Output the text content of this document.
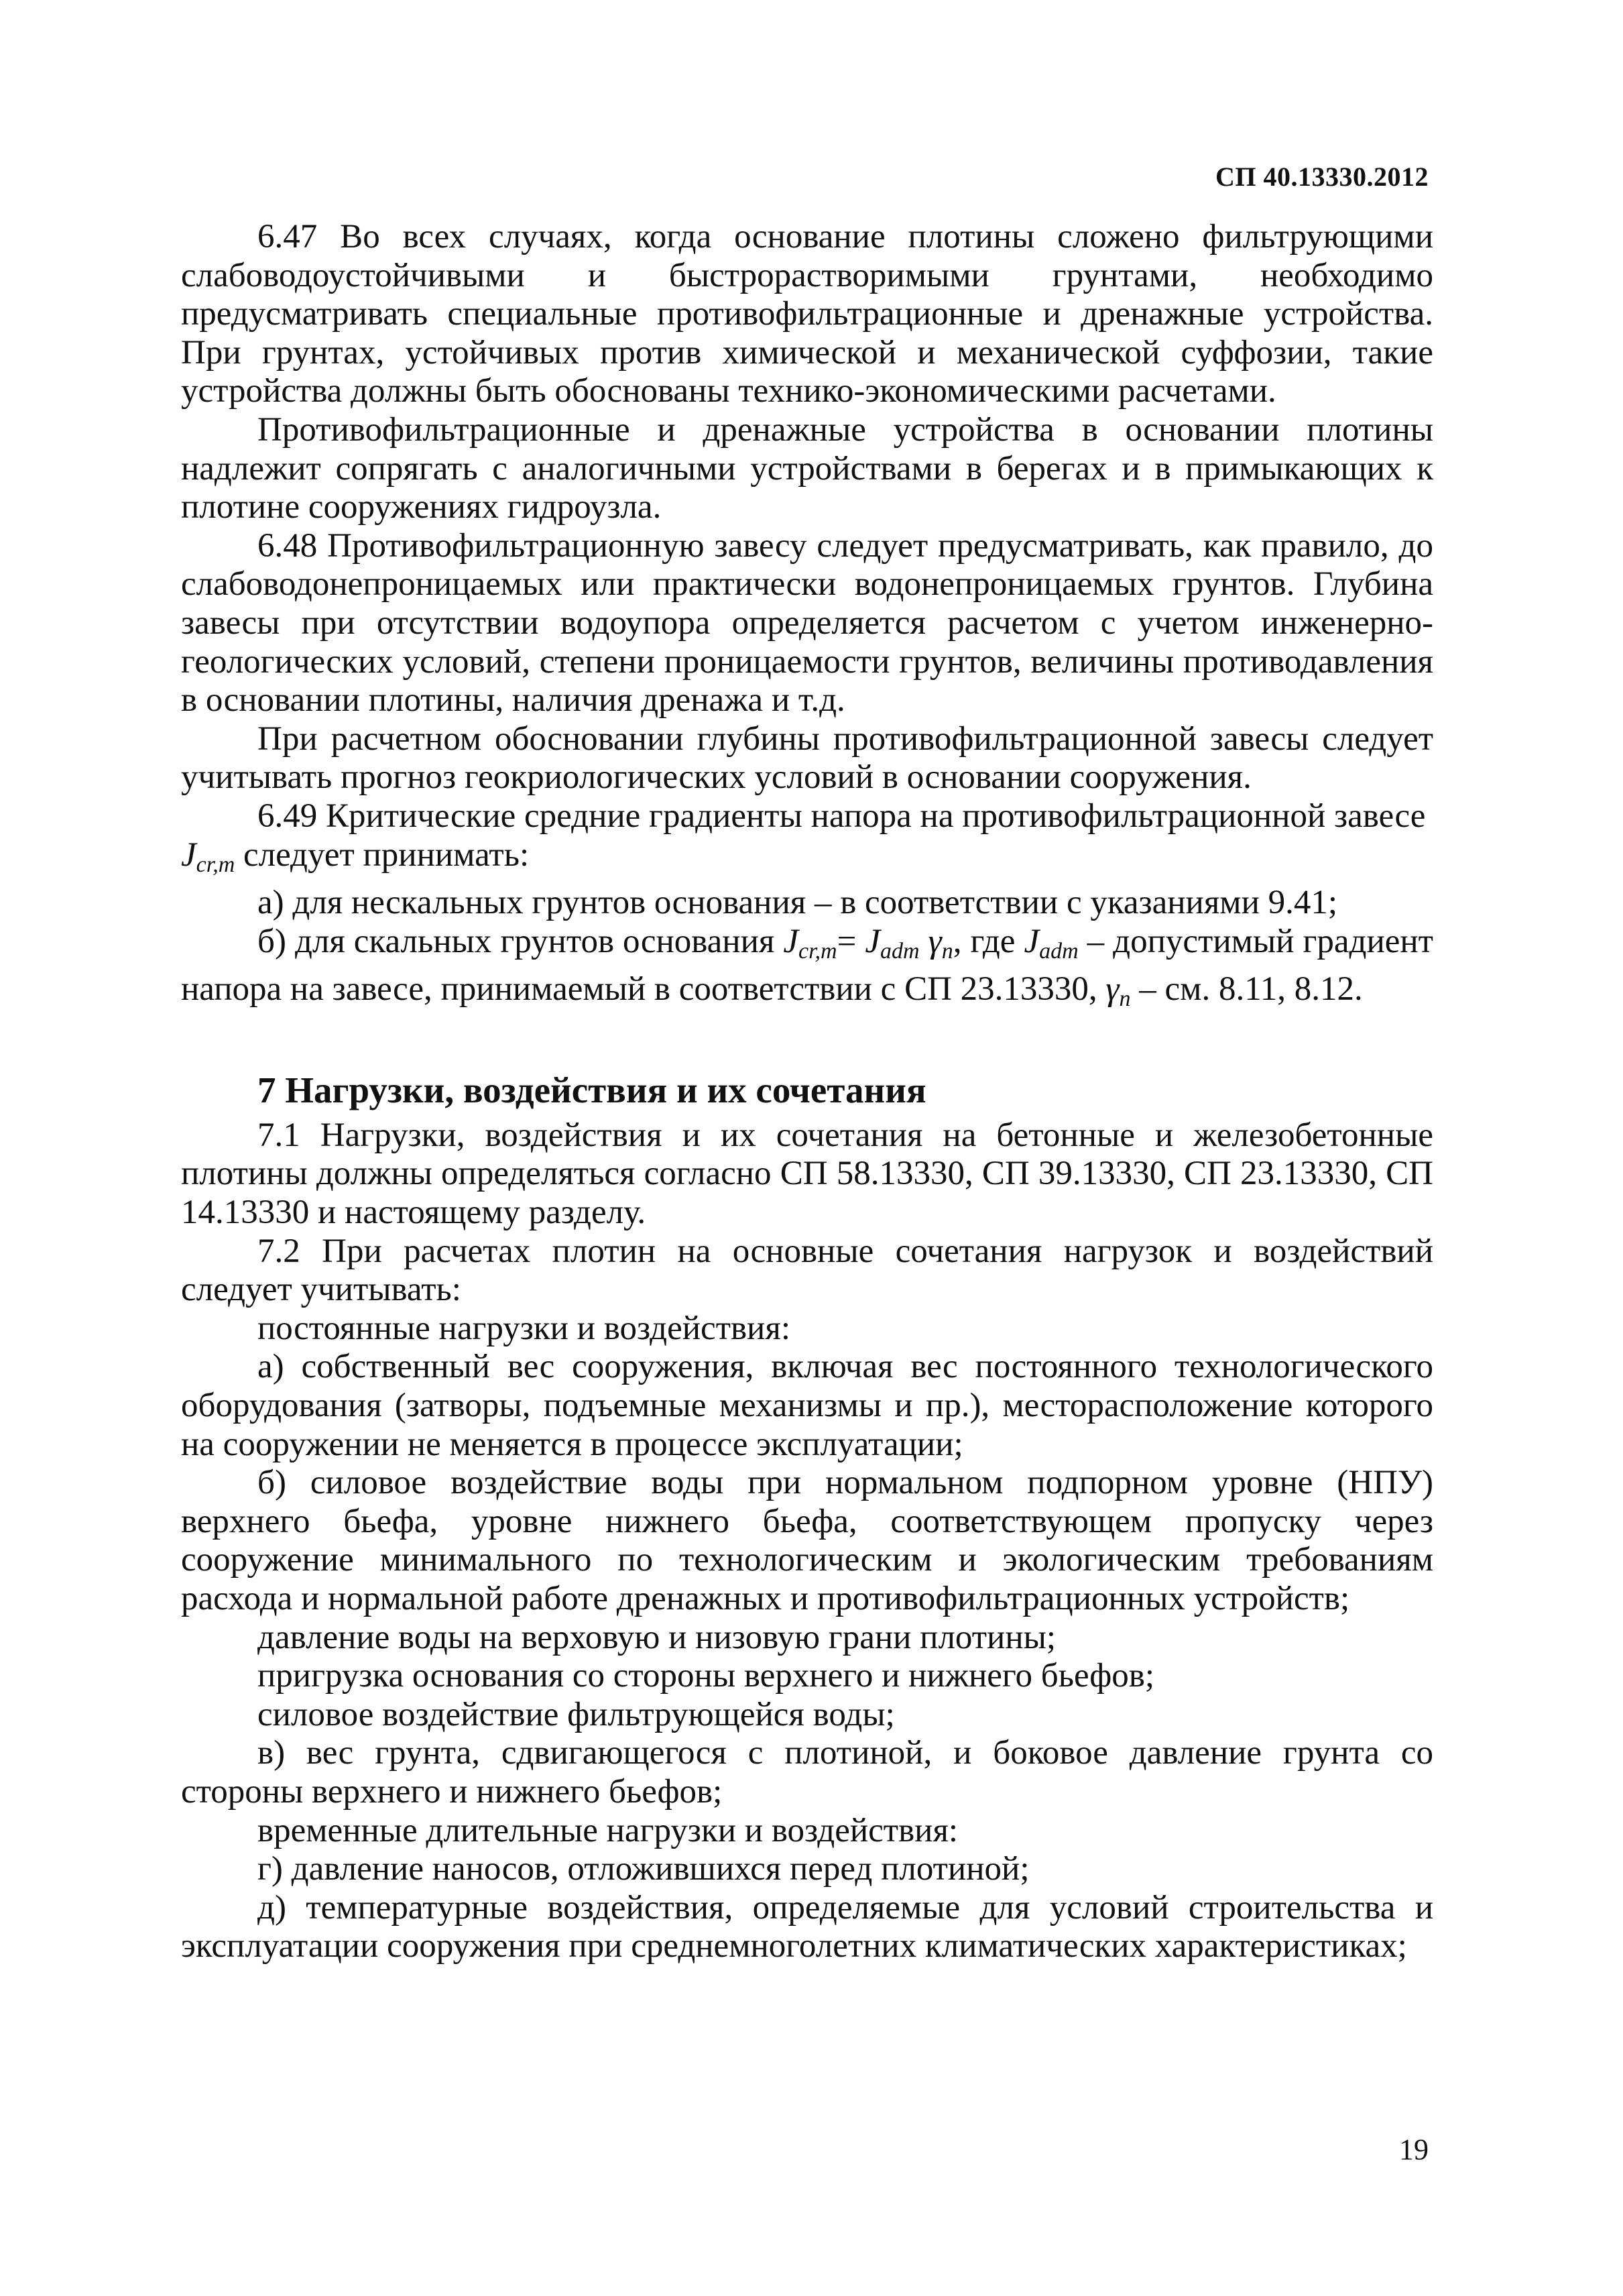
СП 40.13330.2012

6.47 Во всех случаях, когда основание плотины сложено фильтрующими слабоводоустойчивыми и быстрорастворимыми грунтами, необходимо предусматривать специальные противофильтрационные и дренажные устройства. При грунтах, устойчивых против химической и механической суффозии, такие устройства должны быть обоснованы технико-экономическими расчетами.

Противофильтрационные и дренажные устройства в основании плотины надлежит сопрягать с аналогичными устройствами в берегах и в примыкающих к плотине сооружениях гидроузла.

6.48 Противофильтрационную завесу следует предусматривать, как правило, до слабоводонепроницаемых или практически водонепроницаемых грунтов. Глубина завесы при отсутствии водоупора определяется расчетом с учетом инженерно-геологических условий, степени проницаемости грунтов, величины противодавления в основании плотины, наличия дренажа и т.д.

При расчетном обосновании глубины противофильтрационной завесы следует учитывать прогноз геокриологических условий в основании сооружения.

6.49 Критические средние градиенты напора на противофильтрационной завесе

$J_{cr,m}$ следует принимать:

а) для нескальных грунтов основания – в соответствии с указаниями 9.41;

б) для скальных грунтов основания $J_{cr,m}= J_{adm}$ $\gamma_n$, где $J_{adm}$ – допустимый градиент напора на завесе, принимаемый в соответствии с СП 23.13330, $\gamma_n$ – см. 8.11, 8.12.

7 Нагрузки, воздействия и их сочетания

7.1 Нагрузки, воздействия и их сочетания на бетонные и железобетонные плотины должны определяться согласно СП 58.13330, СП 39.13330, СП 23.13330, СП 14.13330 и настоящему разделу.

7.2 При расчетах плотин на основные сочетания нагрузок и воздействий следует учитывать:

постоянные нагрузки и воздействия:

а) собственный вес сооружения, включая вес постоянного технологического оборудования (затворы, подъемные механизмы и пр.), месторасположение которого на сооружении не меняется в процессе эксплуатации;

б) силовое воздействие воды при нормальном подпорном уровне (НПУ) верхнего бьефа, уровне нижнего бьефа, соответствующем пропуску через сооружение минимального по технологическим и экологическим требованиям расхода и нормальной работе дренажных и противофильтрационных устройств;

давление воды на верховую и низовую грани плотины;

пригрузка основания со стороны верхнего и нижнего бьефов;

силовое воздействие фильтрующейся воды;

в) вес грунта, сдвигающегося с плотиной, и боковое давление грунта со стороны верхнего и нижнего бьефов;

временные длительные нагрузки и воздействия:

г) давление наносов, отложившихся перед плотиной;

д) температурные воздействия, определяемые для условий строительства и эксплуатации сооружения при среднемноголетних климатических характеристиках;

19
